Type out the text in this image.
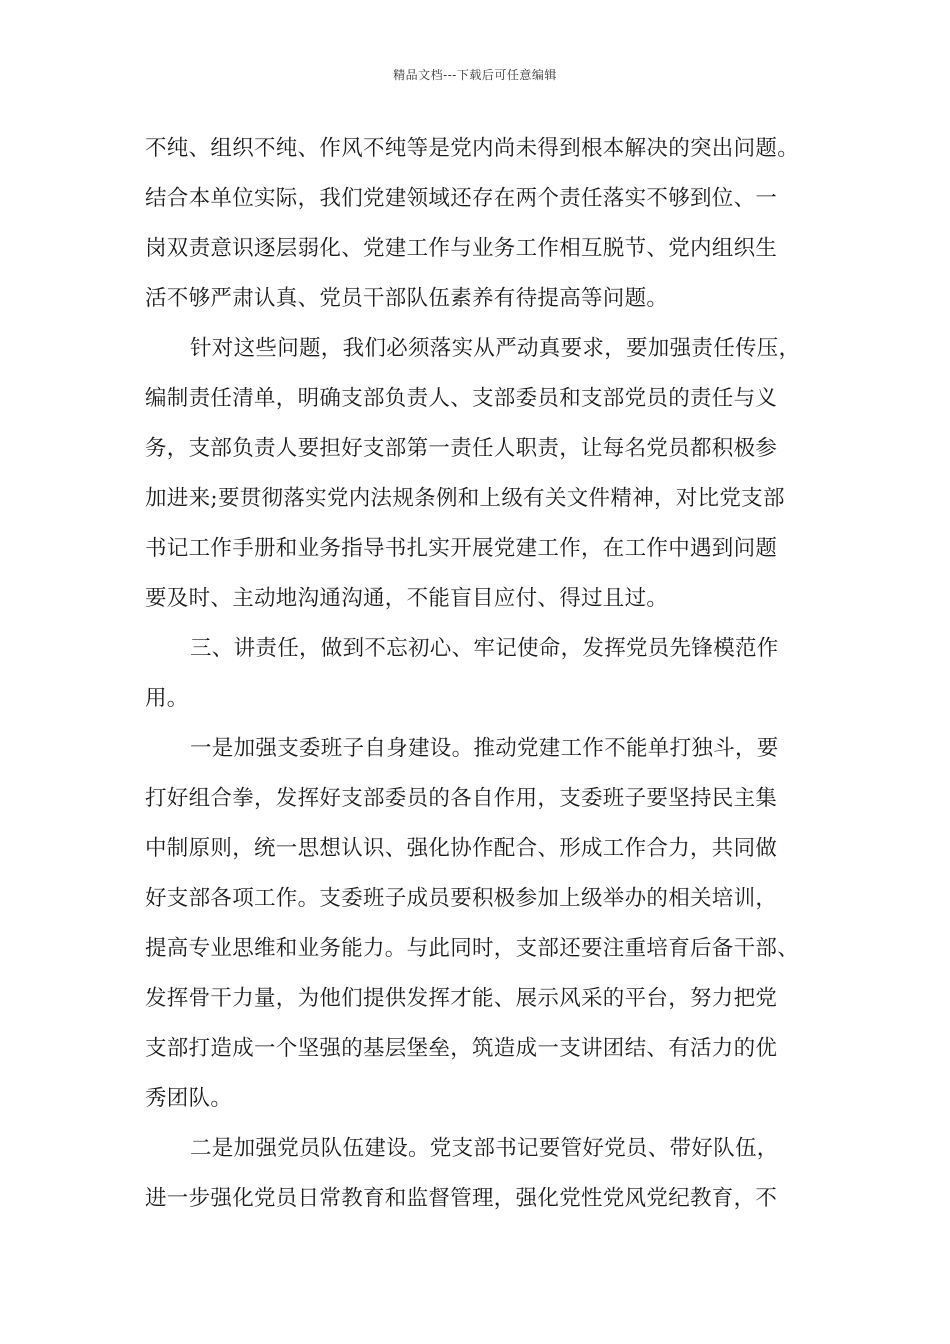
精品文档---下载后可任意编辑
不纯、组织不纯、作风不纯等是党内尚未得到根本解决的突出问题。
结合本单位实际，我们党建领域还存在两个责任落实不够到位、一
岗双责意识逐层弱化、党建工作与业务工作相互脱节、党内组织生
活不够严肃认真、党员干部队伍素养有待提高等问题。
针对这些问题，我们必须落实从严动真要求，要加强责任传压，
编制责任清单，明确支部负责人、支部委员和支部党员的责任与义
务，支部负责人要担好支部第一责任人职责，让每名党员都积极参
加进来;要贯彻落实党内法规条例和上级有关文件精神，对比党支部
书记工作手册和业务指导书扎实开展党建工作，在工作中遇到问题
要及时、主动地沟通沟通，不能盲目应付、得过且过。
三、讲责任，做到不忘初心、牢记使命，发挥党员先锋模范作
用。
一是加强支委班子自身建设。推动党建工作不能单打独斗，要
打好组合拳，发挥好支部委员的各自作用，支委班子要坚持民主集
中制原则，统一思想认识、强化协作配合、形成工作合力，共同做
好支部各项工作。支委班子成员要积极参加上级举办的相关培训，
提高专业思维和业务能力。与此同时，支部还要注重培育后备干部、
发挥骨干力量，为他们提供发挥才能、展示风采的平台，努力把党
支部打造成一个坚强的基层堡垒，筑造成一支讲团结、有活力的优
秀团队。
二是加强党员队伍建设。党支部书记要管好党员、带好队伍，
进一步强化党员日常教育和监督管理，强化党性党风党纪教育，不
